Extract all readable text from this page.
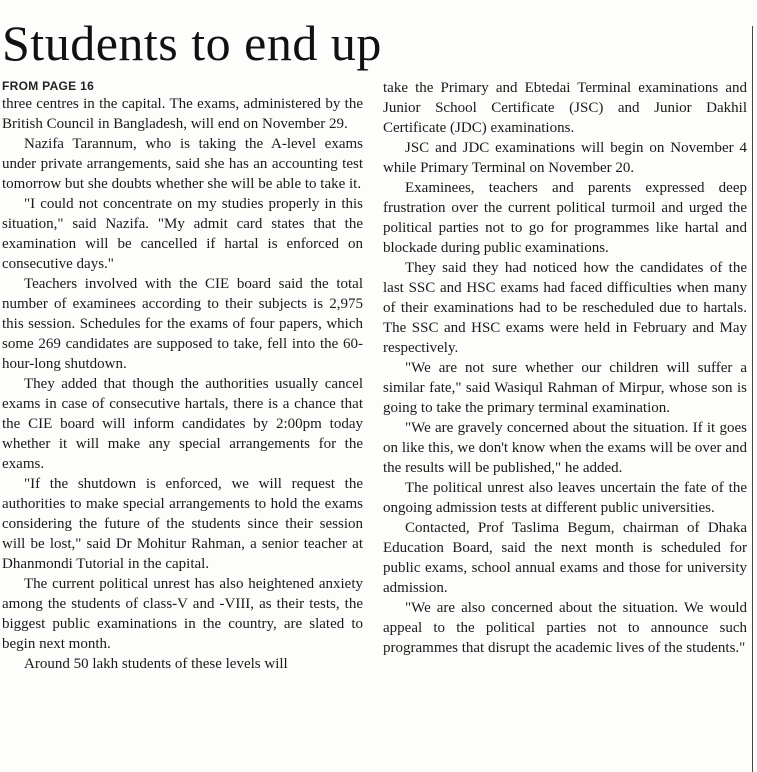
Students to end up

FROM PAGE 16

three centres in the capital. The exams, administered by the British Council in Bangladesh, will end on November 29.

Nazifa Tarannum, who is taking the A-level exams under private arrangements, said she has an accounting test tomorrow but she doubts whether she will be able to take it.

"I could not concentrate on my studies properly in this situation," said Nazifa. "My admit card states that the examination will be cancelled if hartal is enforced on consecutive days."

Teachers involved with the CIE board said the total number of examinees according to their subjects is 2,975 this session. Schedules for the exams of four papers, which some 269 candidates are supposed to take, fell into the 60-hour-long shutdown.

They added that though the authorities usually cancel exams in case of consecutive hartals, there is a chance that the CIE board will inform candidates by 2:00pm today whether it will make any special arrangements for the exams.

"If the shutdown is enforced, we will request the authorities to make special arrangements to hold the exams considering the future of the students since their session will be lost," said Dr Mohitur Rahman, a senior teacher at Dhanmondi Tutorial in the capital.

The current political unrest has also heightened anxiety among the students of class-V and -VIII, as their tests, the biggest public examinations in the country, are slated to begin next month.

Around 50 lakh students of these levels will

take the Primary and Ebtedai Terminal examinations and Junior School Certificate (JSC) and Junior Dakhil Certificate (JDC) examinations.

JSC and JDC examinations will begin on November 4 while Primary Terminal on November 20.

Examinees, teachers and parents expressed deep frustration over the current political turmoil and urged the political parties not to go for programmes like hartal and blockade during public examinations.

They said they had noticed how the candidates of the last SSC and HSC exams had faced difficulties when many of their examinations had to be rescheduled due to hartals. The SSC and HSC exams were held in February and May respectively.

"We are not sure whether our children will suffer a similar fate," said Wasiqul Rahman of Mirpur, whose son is going to take the primary terminal examination.

"We are gravely concerned about the situation. If it goes on like this, we don't know when the exams will be over and the results will be published," he added.

The political unrest also leaves uncertain the fate of the ongoing admission tests at different public universities.

Contacted, Prof Taslima Begum, chairman of Dhaka Education Board, said the next month is scheduled for public exams, school annual exams and those for university admission.

"We are also concerned about the situation. We would appeal to the political parties not to announce such programmes that disrupt the academic lives of the students."
